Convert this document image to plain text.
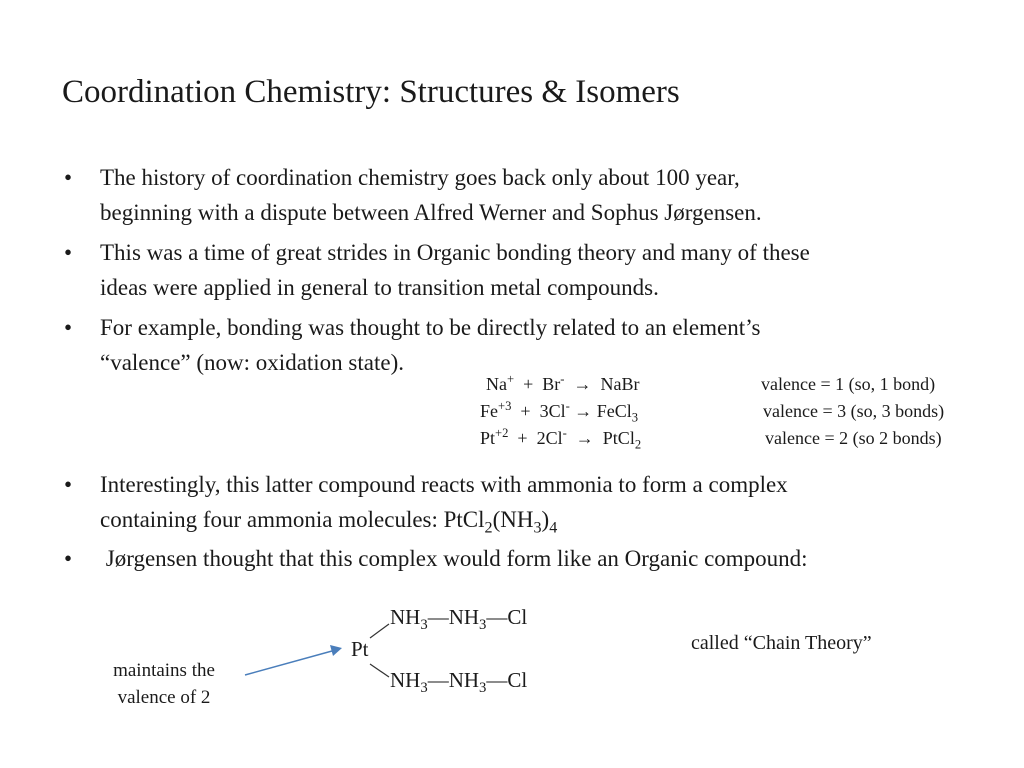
Coordination Chemistry: Structures & Isomers
• The history of coordination chemistry goes back only about 100 year,
beginning with a dispute between Alfred Werner and Sophus Jørgensen.
• This was a time of great strides in Organic bonding theory and many of these
ideas were applied in general to transition metal compounds.
• For example, bonding was thought to be directly related to an element’s
“valence” (now: oxidation state).
Na+ + Br- → NaBr	valence = 1 (so, 1 bond)
$Fe^{+3} + 3Cl^-$ → FeCl$_3$	valence = 3 (so, 3 bonds)
$Pt^{+2} + 2Cl^-$ → PtCl$_2$	valence = 2 (so 2 bonds)
• Interestingly, this latter compound reacts with ammonia to form a complex
containing four ammonia molecules: $PtCl_2(NH_3)_4$
• Jørgensen thought that this complex would form like an Organic compound:
$NH_3—NH_3—Cl$
Pt
$NH_3—NH_3—Cl$
called “Chain Theory”
maintains the
valence of 2
